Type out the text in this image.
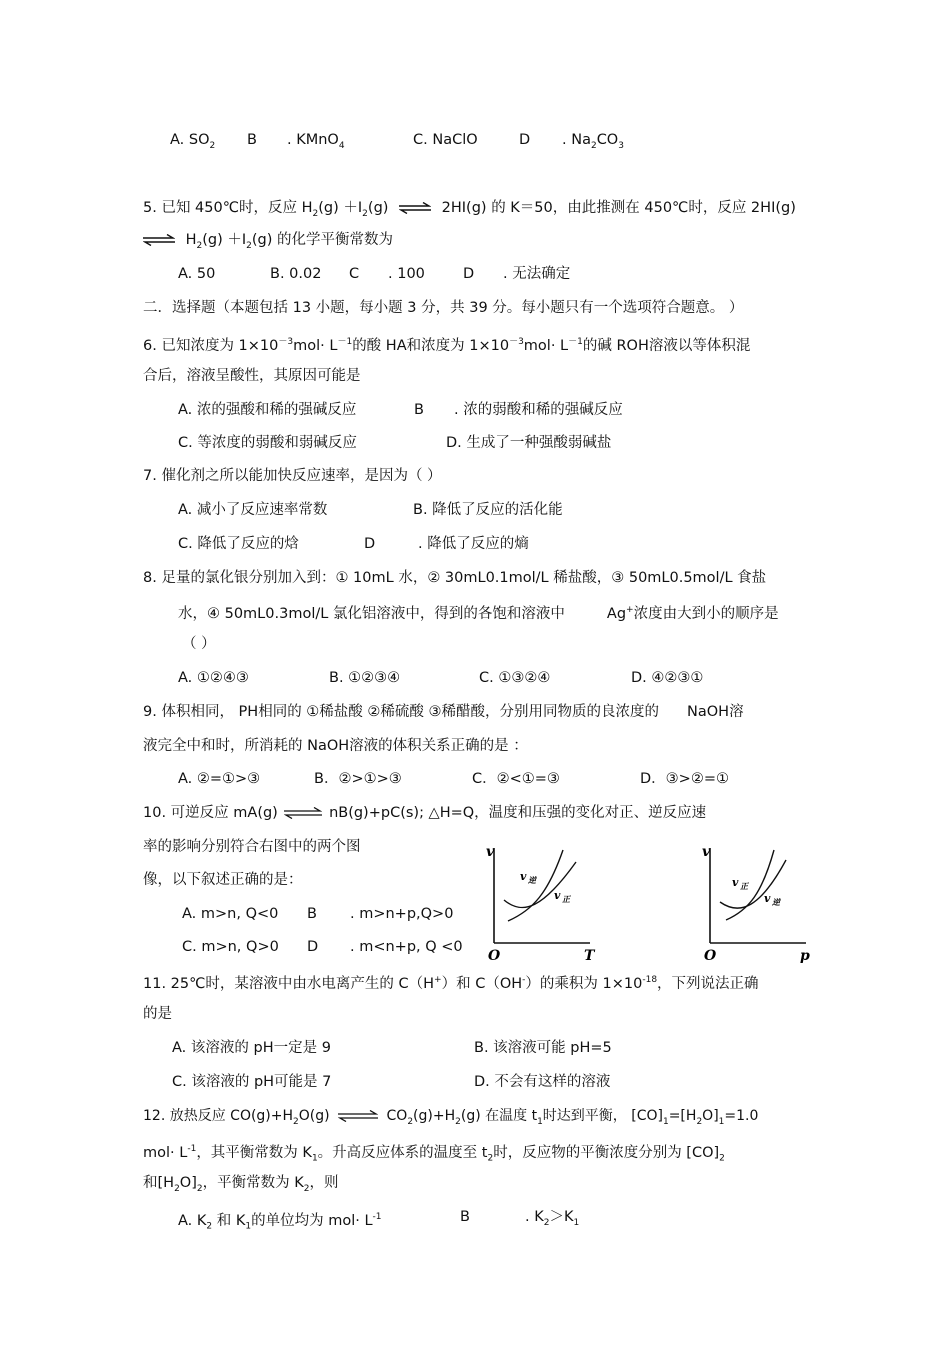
A. $SO_2$ B . KMnO$_4$	C. NaClO	D . $Na_2CO_3$
5. 已知 450℃时，反应 $H_2(g) +I_2(g)$ ⇌ 2HI(g) 的 K＝50，由此推测在 450℃时，反应 2HI(g)
⇌ $H_2(g) +I_2(g)$ 的化学平衡常数为
A. 50	B. 0.02 C . 100	D . 无法确定
二．选择题（本题包括 13 小题，每小题 3 分，共 39 分。每小题只有一个选项符合题意。 ）
6. 已知浓度为 $1\times 10^{-3}mol\cdot L^{-1}$的酸 HA和浓度为 $1\times 10^{-3}mol\cdot L^{-1}$的碱 ROH溶液以等体积混
合后，溶液呈酸性，其原因可能是
A. 浓的强酸和稀的强碱反应	B . 浓的弱酸和稀的强碱反应
C. 等浓度的弱酸和弱碱反应	D. 生成了一种强酸弱碱盐
7. 催化剂之所以能加快反应速率，是因为（ ）
A. 减小了反应速率常数	B. 降低了反应的活化能
C. 降低了反应的焓	D	. 降低了反应的熵
8. 足量的氯化银分别加入到：① 10mL 水，② 30mL0.1mol/L 稀盐酸，③ 50mL0.5mol/L 食盐
水，④ 50mL0.3mol/L 氯化铝溶液中，得到的各饱和溶液中	Ag+浓度由大到小的顺序是
（ ）
A. ①②④③	B. ①②③④	C. ①③②④	D. ④②③①
9. 体积相同， PH相同的 ①稀盐酸 ②稀硫酸 ③稀醋酸，分别用同物质的良浓度的 NaOH溶
液完全中和时，所消耗的 NaOH溶液的体积关系正确的是 ：
A. ②=①>③	B．②>①>③	C．②<①=③	D．③>②=①
10. 可逆反应 mA(g) ⇌ nB(g)+pC(s); △H=Q，温度和压强的变化对正、逆反应速
率的影响分别符合右图中的两个图
像，以下叙述正确的是：
A. m>n, Q<0 B . m>n+p,Q>0
C. m>n, Q>0 D . m<n+p, Q <0
v
T
O
v 逆
v 正
v
p
O
v 正
v 逆
11. 25℃时，某溶液中由水电离产生的 C（H+）和 C（OH-）的乘积为 $1\times 10^{-18}$，下列说法正确
的是
A. 该溶液的 pH一定是 9	B. 该溶液可能 pH=5
C. 该溶液的 pH可能是 7	D. 不会有这样的溶液
12. 放热反应 $CO(g)+H_2O(g)$ ⇌ $CO_2(g)+H_2(g)$ 在温度 $t_1$时达到平衡， $[CO]_1=[H_2O]_1=1.0$
$mol\cdot L^{-1}$，其平衡常数为 $K_1$。升高反应体系的温度至 $t_2$时，反应物的平衡浓度分别为 $[CO]_2$
和$[H_2O]_2$，平衡常数为 $K_2$，则
A. $K_2$ 和 $K_1$的单位均为 $mol\cdot L^{-1}$	B	. $K_2>K_1$
